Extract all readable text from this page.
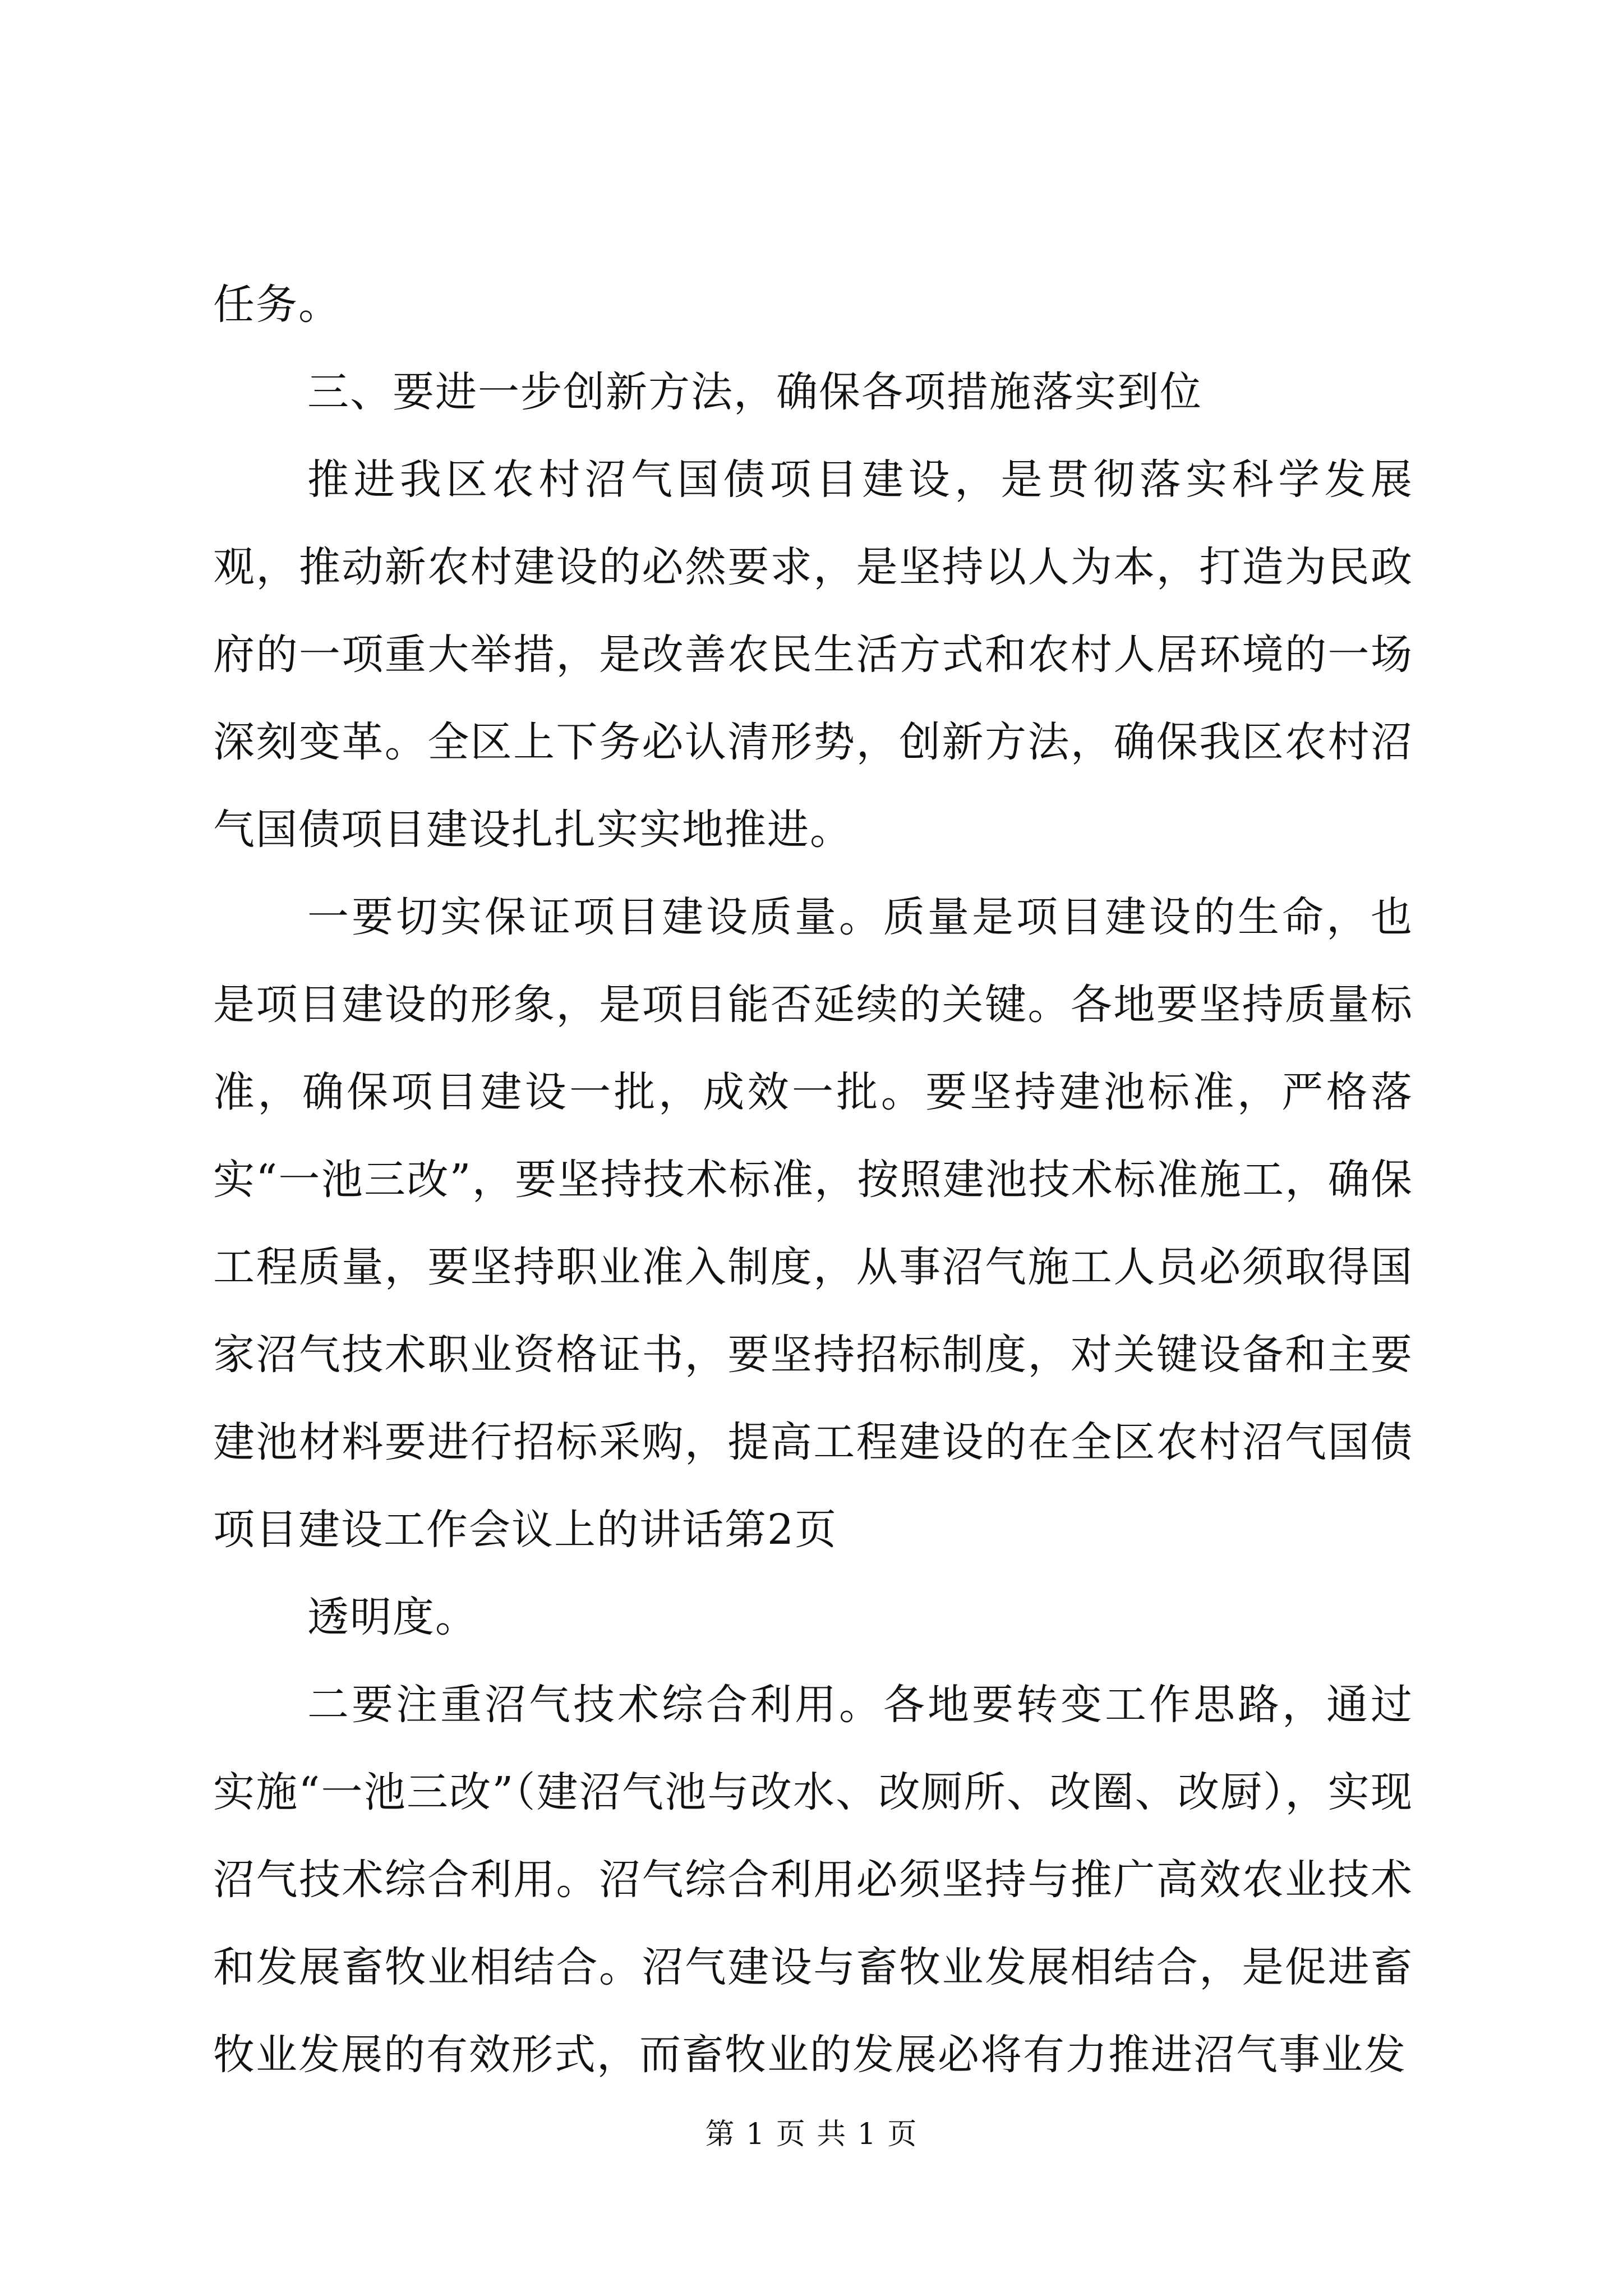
任务。

三、要进一步创新方法，确保各项措施落实到位

推进我区农村沼气国债项目建设，是贯彻落实科学发展观，推动新农村建设的必然要求，是坚持以人为本，打造为民政府的一项重大举措，是改善农民生活方式和农村人居环境的一场深刻变革。全区上下务必认清形势，创新方法，确保我区农村沼气国债项目建设扎扎实实地推进。

一要切实保证项目建设质量。质量是项目建设的生命，也是项目建设的形象，是项目能否延续的关键。各地要坚持质量标准，确保项目建设一批，成效一批。要坚持建池标准，严格落实“一池三改”，要坚持技术标准，按照建池技术标准施工，确保工程质量，要坚持职业准入制度，从事沼气施工人员必须取得国家沼气技术职业资格证书，要坚持招标制度，对关键设备和主要建池材料要进行招标采购，提高工程建设的在全区农村沼气国债项目建设工作会议上的讲话第2页

透明度。

二要注重沼气技术综合利用。各地要转变工作思路，通过实施“一池三改”（建沼气池与改水、改厕所、改圈、改厨），实现沼气技术综合利用。沼气综合利用必须坚持与推广高效农业技术和发展畜牧业相结合。沼气建设与畜牧业发展相结合，是促进畜牧业发展的有效形式，而畜牧业的发展必将有力推进沼气事业发

第 1 页 共 1 页
